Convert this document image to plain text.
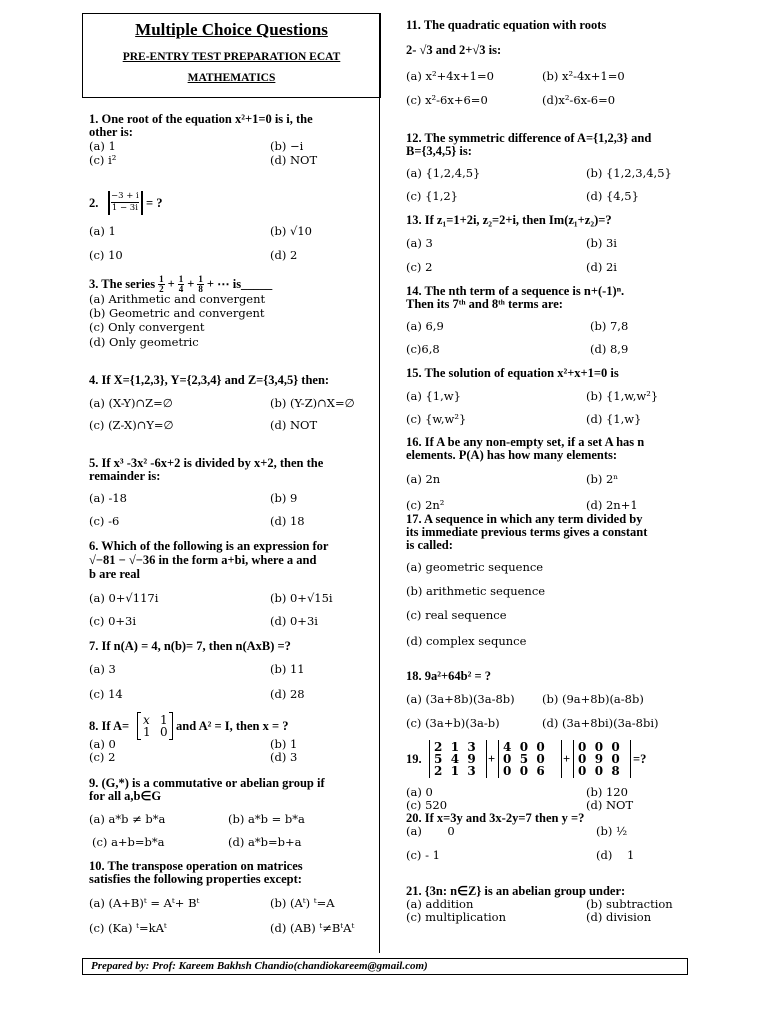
Multiple Choice Questions
PRE-ENTRY TEST PREPARATION ECAT
MATHEMATICS
1. One root of the equation x²+1=0 is i, the
other is:
(a) 1	(b) −i
(c) i²	(d) NOT
2. $\frac{-3 + i}{1 - 3i}$ = ?
(a) 1	(b) √10
(c) 10	(d) 2
3. The series $\frac{1}{2} + \frac{1}{4} + \frac{1}{8}$ + ⋯ is_____
(a) Arithmetic and convergent
(b) Geometric and convergent
(c) Only convergent
(d) Only geometric
4. If X={1,2,3}, Y={2,3,4} and Z={3,4,5} then:
(a) (X-Y)∩Z=∅	(b) (Y-Z)∩X=∅
(c) (Z-X)∩Y=∅	(d) NOT
5. If x³ -3x² -6x+2 is divided by x+2, then the
remainder is:
(a) -18	(b) 9
(c) -6	(d) 18
6. Which of the following is an expression for
√−81 − √−36 in the form a+bi, where a and
b are real
(a) 0+√117i	(b) 0+√15i
(c) 0+3i	(d) 0+3i
7. If n(A) = 4, n(b)= 7, then n(AxB) =?
(a) 3	(b) 11
(c) 14	(d) 28
8. If A= x 1
1 0 and A² = I, then x = ?
(a) 0	(b) 1
(c) 2	(d) 3
9. (G,*) is a commutative or abelian group if
for all a,b∈G
(a) a*b ≠ b*a	(b) a*b = b*a
(c) a+b=b*a	(d) a*b=b+a
10. The transpose operation on matrices
satisfies the following properties except:
(a) (A+B)ᵗ = Aᵗ+ Bᵗ	(b) (Aᵗ) ᵗ=A
(c) (Ka) ᵗ=kAᵗ	(d) (AB) ᵗ≠BᵗAᵗ
11. The quadratic equation with roots
2- √3 and 2+√3 is:
(a) x²+4x+1=0	(b) x²-4x+1=0
(c) x²-6x+6=0	(d)x²-6x-6=0
12. The symmetric difference of A={1,2,3} and
B={3,4,5} is:
(a) {1,2,4,5}	(b) {1,2,3,4,5}
(c) {1,2}	(d) {4,5}
13. If z₁=1+2i, z₂=2+i, then Im(z₁+z₂)=?
(a) 3	(b) 3i
(c) 2	(d) 2i
14. The nth term of a sequence is n+(-1)ⁿ.
Then its 7ᵗʰ and 8ᵗʰ terms are:
(a) 6,9	(b) 7,8
(c)6,8	(d) 8,9
15. The solution of equation x²+x+1=0 is
(a) {1,w}	(b) {1,w,w²}
(c) {w,w²}	(d) {1,w}
16. If A be any non-empty set, if a set A has n
elements. P(A) has how many elements:
(a) 2n	(b) 2ⁿ
(c) 2n²	(d) 2n+1
17. A sequence in which any term divided by
its immediate previous terms gives a constant
is called:
(a) geometric sequence
(b) arithmetic sequence
(c) real sequence
(d) complex sequnce
18. 9a²+64b² = ?
(a) (3a+8b)(3a-8b) (b) (9a+8b)(a-8b)
(c) (3a+b)(3a-b)	(d) (3a+8bi)(3a-8bi)
19.
2  1  3
5  4  9
2  1  3
+
4  0  0
0  5  0
0  0  6
+
0  0  0
0  9  0
0  0  8
=?
(a) 0	(b) 120
(c) 520	(d) NOT
20. If x=3y and 3x-2y=7 then y =?
(a)       0	(b) ½
(c) - 1	(d)    1
21. {3n: n∈Z} is an abelian group under:
(a) addition	(b) subtraction
(c) multiplication	(d) division
Prepared by: Prof: Kareem Bakhsh Chandio(chandiokareem@gmail.com)
